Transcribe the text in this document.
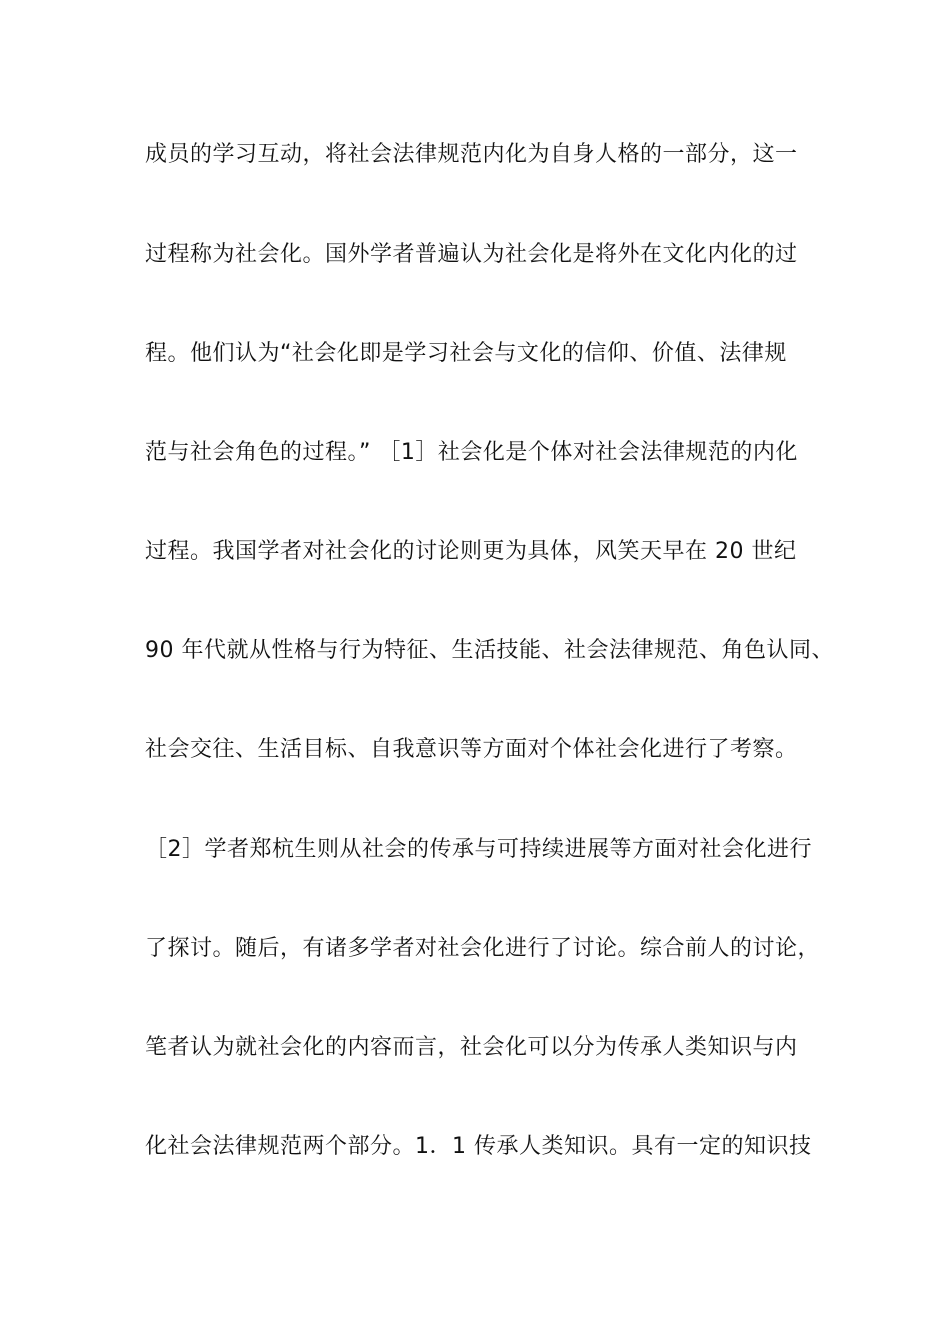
成员的学习互动，将社会法律规范内化为自身人格的一部分，这一

过程称为社会化。国外学者普遍认为社会化是将外在文化内化的过

程。他们认为“社会化即是学习社会与文化的信仰、价值、法律规

范与社会角色的过程。” ［1］社会化是个体对社会法律规范的内化

过程。我国学者对社会化的讨论则更为具体，风笑天早在 20 世纪

90 年代就从性格与行为特征、生活技能、社会法律规范、角色认同、

社会交往、生活目标、自我意识等方面对个体社会化进行了考察。

［2］学者郑杭生则从社会的传承与可持续进展等方面对社会化进行

了探讨。随后，有诸多学者对社会化进行了讨论。综合前人的讨论，

笔者认为就社会化的内容而言，社会化可以分为传承人类知识与内

化社会法律规范两个部分。1．1 传承人类知识。具有一定的知识技
